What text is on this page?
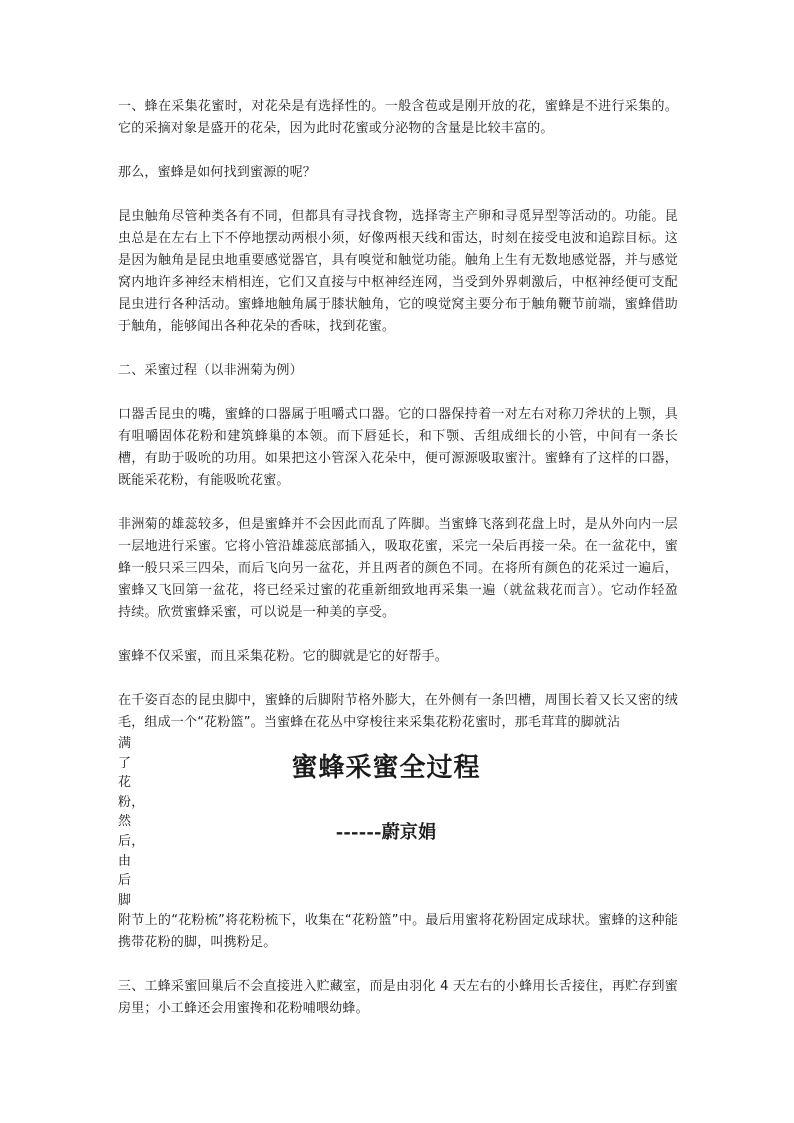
一、蜂在采集花蜜时，对花朵是有选择性的。一般含苞或是刚开放的花，蜜蜂是不进行采集的。它的采摘对象是盛开的花朵，因为此时花蜜或分泌物的含量是比较丰富的。

那么，蜜蜂是如何找到蜜源的呢？

昆虫触角尽管种类各有不同，但都具有寻找食物，选择寄主产卵和寻觅异型等活动的。功能。昆虫总是在左右上下不停地摆动两根小须，好像两根天线和雷达，时刻在接受电波和追踪目标。这是因为触角是昆虫地重要感觉器官，具有嗅觉和触觉功能。触角上生有无数地感觉器，并与感觉窝内地许多神经末梢相连，它们又直接与中枢神经连网，当受到外界刺激后，中枢神经便可支配昆虫进行各种活动。蜜蜂地触角属于膝状触角，它的嗅觉窝主要分布于触角鞭节前端，蜜蜂借助于触角，能够闻出各种花朵的香味，找到花蜜。

二、采蜜过程（以非洲菊为例）

口器舌昆虫的嘴，蜜蜂的口器属于咀嚼式口器。它的口器保持着一对左右对称刀斧状的上颚，具有咀嚼固体花粉和建筑蜂巢的本领。而下唇延长，和下颚、舌组成细长的小管，中间有一条长槽，有助于吸吮的功用。如果把这小管深入花朵中，便可源源吸取蜜汁。蜜蜂有了这样的口器，既能采花粉，有能吸吮花蜜。

非洲菊的雄蕊较多，但是蜜蜂并不会因此而乱了阵脚。当蜜蜂飞落到花盘上时，是从外向内一层一层地进行采蜜。它将小管沿雄蕊底部插入，吸取花蜜，采完一朵后再接一朵。在一盆花中，蜜蜂一般只采三四朵，而后飞向另一盆花，并且两者的颜色不同。在将所有颜色的花采过一遍后，蜜蜂又飞回第一盆花，将已经采过蜜的花重新细致地再采集一遍（就盆栽花而言）。它动作轻盈持续。欣赏蜜蜂采蜜，可以说是一种美的享受。

蜜蜂不仅采蜜，而且采集花粉。它的脚就是它的好帮手。

在千姿百态的昆虫脚中，蜜蜂的后脚附节格外膨大，在外侧有一条凹槽，周围长着又长又密的绒毛，组成一个“花粉篮”。当蜜蜂在花丛中穿梭往来采集花粉花蜜时，那毛茸茸的脚就沾

满
了
花
粉，
然
后，
由
后
脚
蜜蜂采蜜全过程
------蔚京娟

附节上的“花粉梳”将花粉梳下，收集在“花粉篮”中。最后用蜜将花粉固定成球状。蜜蜂的这种能携带花粉的脚，叫携粉足。

三、工蜂采蜜回巢后不会直接进入贮藏室，而是由羽化 4 天左右的小蜂用长舌接住，再贮存到蜜房里；小工蜂还会用蜜搀和花粉哺喂幼蜂。
